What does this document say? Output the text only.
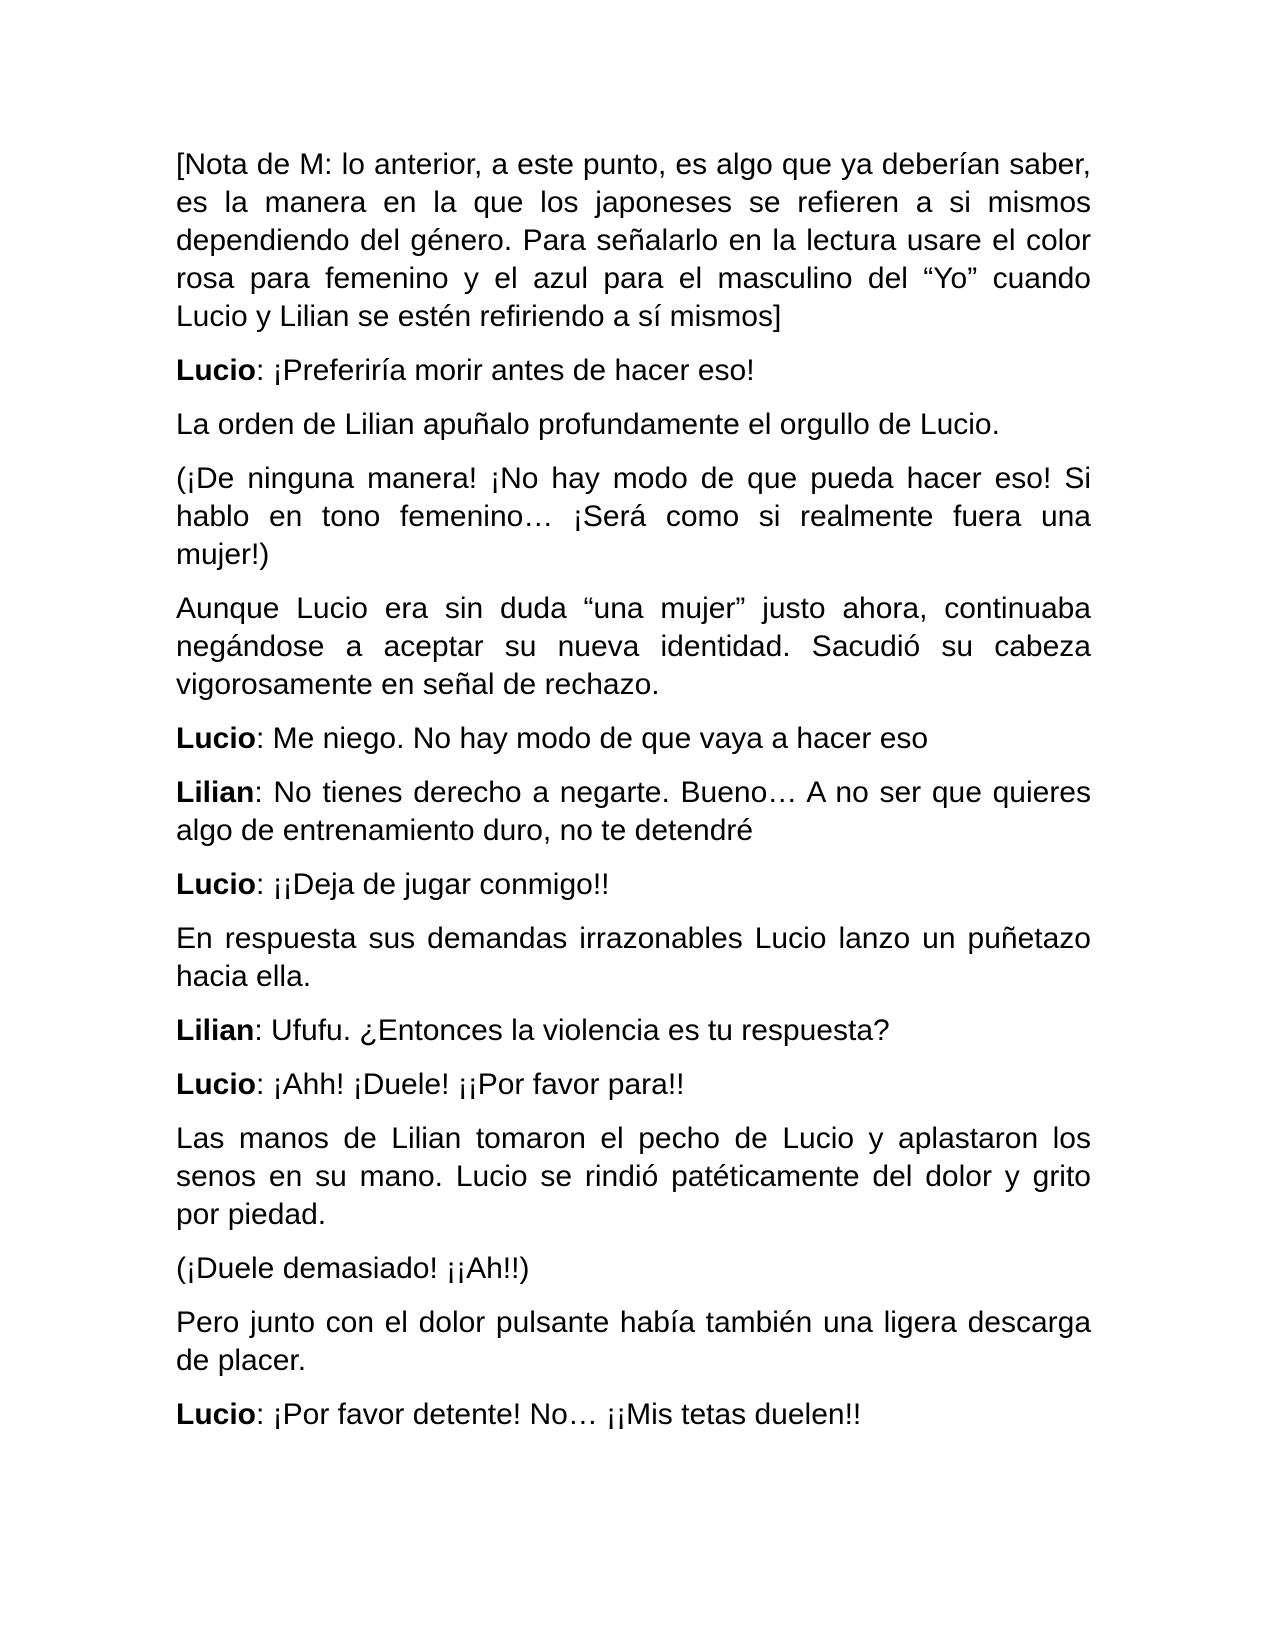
[Nota de M: lo anterior, a este punto, es algo que ya deberían saber, es la manera en la que los japoneses se refieren a si mismos dependiendo del género. Para señalarlo en la lectura usare el color rosa para femenino y el azul para el masculino del “Yo” cuando Lucio y Lilian se estén refiriendo a sí mismos]

Lucio: ¡Preferiría morir antes de hacer eso!

La orden de Lilian apuñalo profundamente el orgullo de Lucio.

(¡De ninguna manera! ¡No hay modo de que pueda hacer eso! Si hablo en tono femenino… ¡Será como si realmente fuera una mujer!)

Aunque Lucio era sin duda “una mujer” justo ahora, continuaba negándose a aceptar su nueva identidad. Sacudió su cabeza vigorosamente en señal de rechazo.

Lucio: Me niego. No hay modo de que vaya a hacer eso

Lilian: No tienes derecho a negarte. Bueno… A no ser que quieres algo de entrenamiento duro, no te detendré

Lucio: ¡¡Deja de jugar conmigo!!

En respuesta sus demandas irrazonables Lucio lanzo un puñetazo hacia ella.

Lilian: Ufufu. ¿Entonces la violencia es tu respuesta?

Lucio: ¡Ahh! ¡Duele! ¡¡Por favor para!!

Las manos de Lilian tomaron el pecho de Lucio y aplastaron los senos en su mano. Lucio se rindió patéticamente del dolor y grito por piedad.

(¡Duele demasiado! ¡¡Ah!!)

Pero junto con el dolor pulsante había también una ligera descarga de placer.

Lucio: ¡Por favor detente! No… ¡¡Mis tetas duelen!!
